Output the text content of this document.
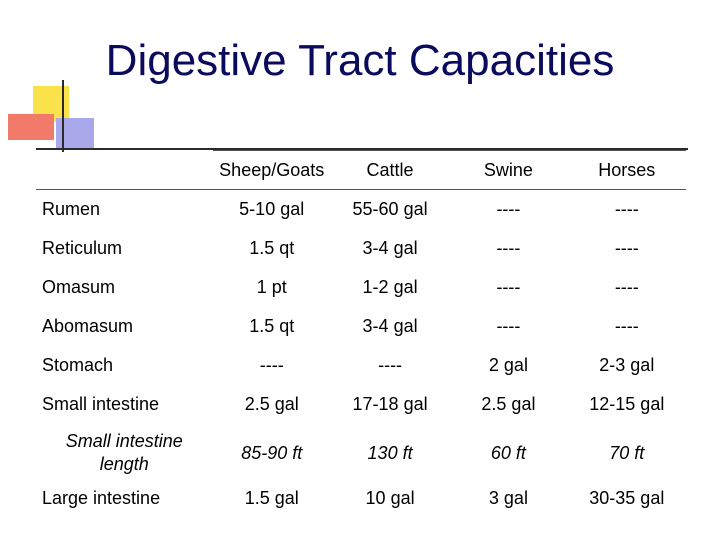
Digestive Tract Capacities
	Sheep/Goats	Cattle	Swine	Horses
Rumen	5-10 gal	55-60 gal	----	----
Reticulum	1.5 qt	3-4 gal	----	----
Omasum	1 pt	1-2 gal	----	----
Abomasum	1.5 qt	3-4 gal	----	----
Stomach	----	----	2 gal	2-3 gal
Small intestine	2.5 gal	17-18 gal	2.5 gal	12-15 gal

Small intestine
length	85-90 ft	130 ft	60 ft	70 ft
Large intestine	1.5 gal	10 gal	3 gal	30-35 gal
